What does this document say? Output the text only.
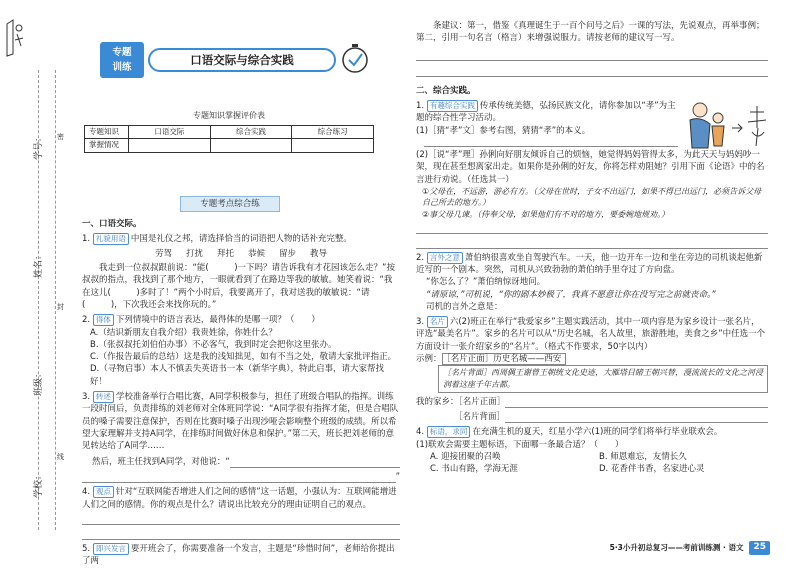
学号：
姓名：
班级：
学校：
密
封
线
专题
训练
口语交际与综合实践
专题知识掌握评价表
专题知识	口语交际	综合实践	综合练习
掌握情况			
专题考点综合练
一、口语交际。
1. 礼貌用语 中国是礼仪之邦，请选择恰当的词语把人物的话补充完整。
劳驾 打扰 拜托 恭候 留步 教导
我走到一位叔叔跟前说：“能(　　　)一下吗？请告诉我有才花园该怎么走？”按叔叔的指点，我找到了那个地方，一眼就看到了在路边等我的敏敏。她笑着说：“我在这儿(　　　)多时了！”两个小时后，我要离开了，我对送我的敏敏说：“请(　　　)，下次我还会来找你玩的。”
2. 得体 下列情境中的语言表达，最得体的是哪一项？（　　）
A.（结识新朋友自我介绍）我贵姓徐，你姓什么？
B.（张叔叔托刘伯伯办事）不必客气，我到时定会把你这里张办。
C.（作报告最后的总结）这是我的浅知拙见，如有不当之处，敬请大家批评指正。
D.（寻物启事）本人不慎丢失英语书一本（新华字典），特此启事，请大家帮找好！
3. 转述 学校准备举行合唱比赛，A同学积极参与，担任了班级合唱队的指挥。训练一段时间后，负责排练的刘老师对全体班同学说：“A同学很有指挥才能，但是合唱队员的嗓子需要注意保护，否则在比赛时嗓子出现沙哑会影响整个班级的成绩。所以希望大家理解并支持A同学，在排练时间做好休息和保护。”第二天，班长把刘老师的意见转达给了A同学……
然后，班主任找到A同学，对他说：“
”
4. 观点 针对“互联网能否增进人们之间的感情”这一话题，小强认为：互联网能增进人们之间的感情。你的观点是什么？请说出比较充分的理由证明自己的观点。
5. 即兴发言 要开班会了，你需要准备一个发言，主题是“珍惜时间”，老师给你提出了两
条建议：第一，借鉴《真理诞生于一百个问号之后》一课的写法，先说观点，再举事例；第二，引用一句名言（格言）来增强说服力。请按老师的建议写一写。
二、综合实践。
1. 有趣综合实践 传承传统美德，弘扬民族文化，请你参加以“孝”为主题的综合性学习活动。
(1)［猜“孝”文］参考右图，猜猜“孝”的本义。
(2)［说“孝”理］孙俐向好朋友倾诉自己的烦恼，她觉得妈妈管得太多，为此天天与妈妈吵一架，现在甚至想离家出走。如果你是孙俐的好友，你将怎样劝阻她？引用下面《论语》中的名言进行劝说。（任选其一）
①父母在，不远游，游必有方。（父母在世时，子女不出远门，如果不得已出远门，必须告诉父母自己所去的地方。）
②事父母几谏。（侍奉父母，如果他们有不对的地方，要委婉地规劝。）
2. 言外之意 萧伯纳很喜欢坐自驾驶汽车。一天，他一边开车一边和坐在旁边的司机谈起他新近写的一个剧本。突然，司机从兴致勃勃的萧伯纳手里夺过了方向盘。
“你怎么了？”萧伯纳惊讶地问。
“请原谅，”司机说，“你的剧本妙极了，我真不愿意让你在没写完之前就丧命。”
司机的言外之意是：
3. 名片 六(2)班正在举行“我爱家乡”主题实践活动，其中一项内容是为家乡设计一张名片，评选“最美名片”。家乡的名片可以从“历史名城，名人故里，旅游胜地，美食之乡”中任选一个方面设计一张介绍家乡的“名片”。（格式不作要求，50字以内）
示例： ［名片正面］历史名城——西安
［名片背面］西周偶王谢曾王朝统文化史迹，大雁塔目睹王朝兴替，漫流流长的文化之河浸润着这座千年古都。
我的家乡：［名片正面］
［名片背面］
4. 标语，求同 在充满生机的夏天，红星小学六(1)班的同学们将举行毕业联欢会。
(1)联欢会需要主题标语，下面哪一条最合适？（　　）
A. 迎接团聚的召唤	B. 师恩难忘，友情长久
C. 书山有路，学海无涯	D. 花香伴书香，名家进心灵
5·3小升初总复习——考前训练测 · 语文	25
